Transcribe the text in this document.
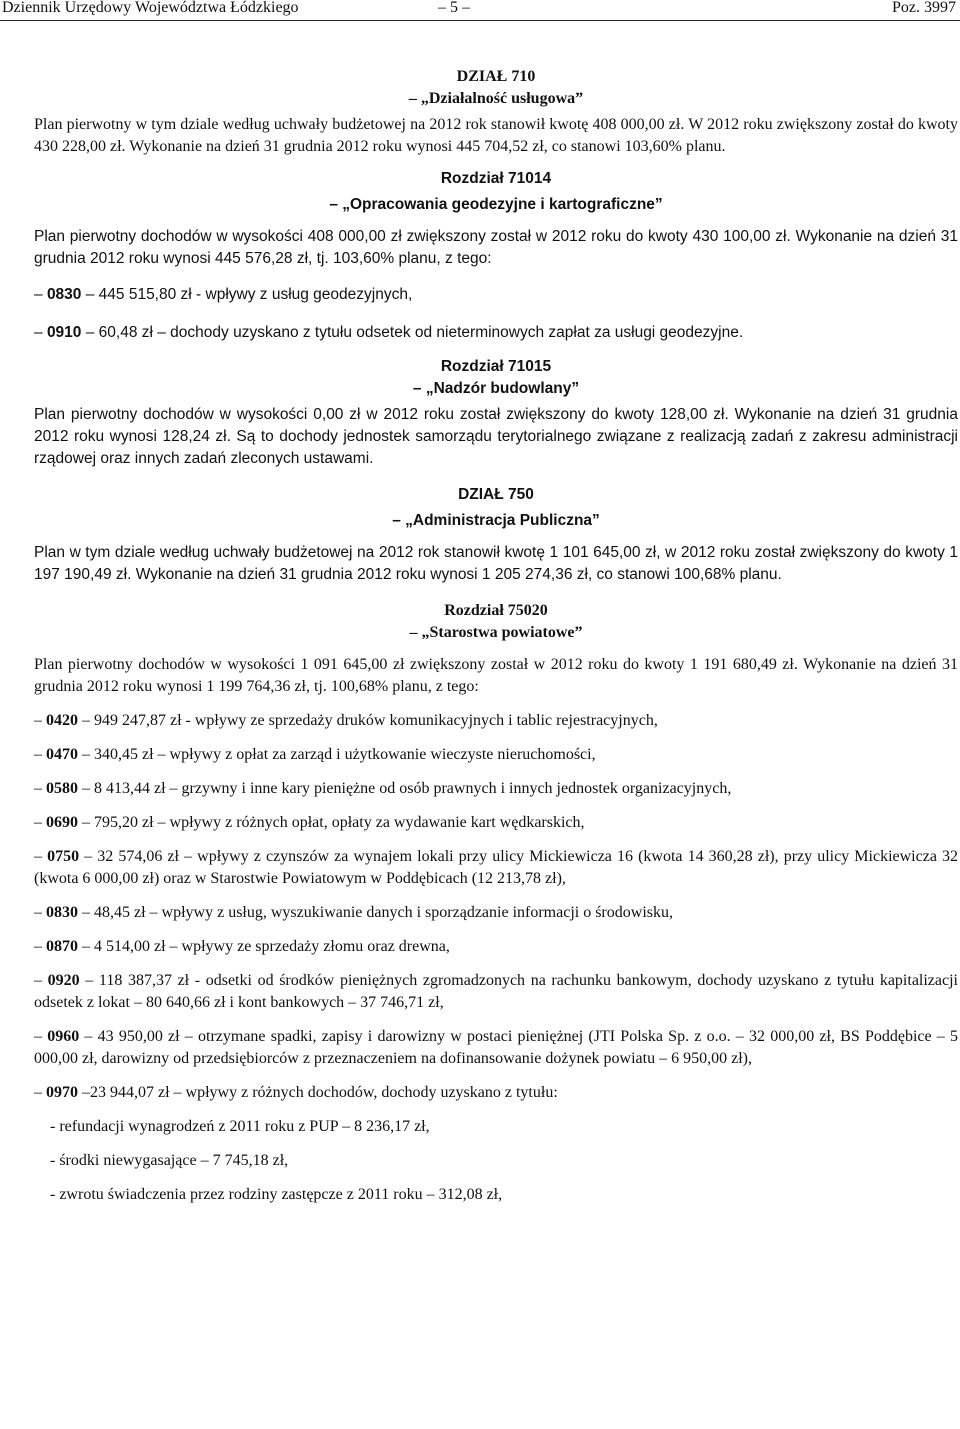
Dziennik Urzędowy Województwa Łódzkiego	– 5 –	Poz. 3997

DZIAŁ 710

– „Działalność usługowa”

Plan pierwotny w tym dziale według uchwały budżetowej na 2012 rok stanowił kwotę 408 000,00 zł. W 2012 roku zwiększony został do kwoty 430 228,00 zł. Wykonanie na dzień 31 grudnia 2012 roku wynosi 445 704,52 zł, co stanowi 103,60% planu.

Rozdział 71014

– „Opracowania geodezyjne i kartograficzne”

Plan pierwotny dochodów w wysokości 408 000,00 zł zwiększony został w 2012 roku do kwoty 430 100,00 zł. Wykonanie na dzień 31 grudnia 2012 roku wynosi 445 576,28 zł, tj. 103,60% planu, z tego:

– 0830 – 445 515,80 zł - wpływy z usług geodezyjnych,

– 0910 – 60,48 zł – dochody uzyskano z tytułu odsetek od nieterminowych zapłat za usługi geodezyjne.

Rozdział 71015

– „Nadzór budowlany”

Plan pierwotny dochodów w wysokości 0,00 zł w 2012 roku został zwiększony do kwoty 128,00 zł. Wykonanie na dzień 31 grudnia 2012 roku wynosi 128,24 zł. Są to dochody jednostek samorządu terytorialnego związane z realizacją zadań z zakresu administracji rządowej oraz innych zadań zleconych ustawami.

DZIAŁ 750

– „Administracja Publiczna”

Plan w tym dziale według uchwały budżetowej na 2012 rok stanowił kwotę 1 101 645,00 zł, w 2012 roku został zwiększony do kwoty 1 197 190,49 zł. Wykonanie na dzień 31 grudnia 2012 roku wynosi 1 205 274,36 zł, co stanowi 100,68% planu.

Rozdział 75020

– „Starostwa powiatowe”

Plan pierwotny dochodów w wysokości 1 091 645,00 zł zwiększony został w 2012 roku do kwoty 1 191 680,49 zł. Wykonanie na dzień 31 grudnia 2012 roku wynosi 1 199 764,36 zł, tj. 100,68% planu, z tego:

– 0420 – 949 247,87 zł - wpływy ze sprzedaży druków komunikacyjnych i tablic rejestracyjnych,

– 0470 – 340,45 zł – wpływy z opłat za zarząd i użytkowanie wieczyste nieruchomości,

– 0580 – 8 413,44 zł – grzywny i inne kary pieniężne od osób prawnych i innych jednostek organizacyjnych,

– 0690 – 795,20 zł – wpływy z różnych opłat, opłaty za wydawanie kart wędkarskich,

– 0750 – 32 574,06 zł – wpływy z czynszów za wynajem lokali przy ulicy Mickiewicza 16 (kwota 14 360,28 zł), przy ulicy Mickiewicza 32 (kwota 6 000,00 zł) oraz w Starostwie Powiatowym w Poddębicach (12 213,78 zł),

– 0830 – 48,45 zł – wpływy z usług, wyszukiwanie danych i sporządzanie informacji o środowisku,

– 0870 – 4 514,00 zł – wpływy ze sprzedaży złomu oraz drewna,

– 0920 – 118 387,37 zł - odsetki od środków pieniężnych zgromadzonych na rachunku bankowym, dochody uzyskano z tytułu kapitalizacji odsetek z lokat – 80 640,66 zł i kont bankowych – 37 746,71 zł,

– 0960 – 43 950,00 zł – otrzymane spadki, zapisy i darowizny w postaci pieniężnej (JTI Polska Sp. z o.o. – 32 000,00 zł, BS Poddębice – 5 000,00 zł, darowizny od przedsiębiorców z przeznaczeniem na dofinansowanie dożynek powiatu – 6 950,00 zł),

– 0970 –23 944,07 zł – wpływy z różnych dochodów, dochody uzyskano z tytułu:

- refundacji wynagrodzeń z 2011 roku z PUP – 8 236,17 zł,

- środki niewygasające – 7 745,18 zł,

- zwrotu świadczenia przez rodziny zastępcze z 2011 roku – 312,08 zł,
